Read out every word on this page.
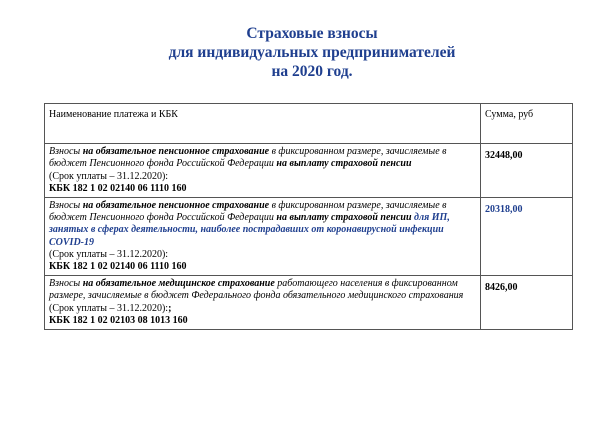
Страховые взносы
для индивидуальных предпринимателей
на 2020 год.
Наименование платежа и КБК	Сумма, руб
Взносы на обязательное пенсионное страхование в фиксированном размере, зачисляемые в бюджет Пенсионного фонда Российской Федерации на выплату страховой пенсии
(Срок уплаты – 31.12.2020):
КБК 182 1 02 02140 06 1110 160	32448,00

Взносы на обязательное пенсионное страхование в фиксированном размере, зачисляемые в бюджет Пенсионного фонда Российской Федерации на выплату страховой пенсии для ИП, занятых в сферах деятельности, наиболее пострадавших от коронавирусной инфекции COVID-19
(Срок уплаты – 31.12.2020):
КБК 182 1 02 02140 06 1110 160	20318,00

Взносы на обязательное медицинское страхование работающего населения в фиксированном размере, зачисляемые в бюджет Федерального фонда обязательного медицинского страхования
(Срок уплаты – 31.12.2020):;
КБК 182 1 02 02103 08 1013 160	8426,00
